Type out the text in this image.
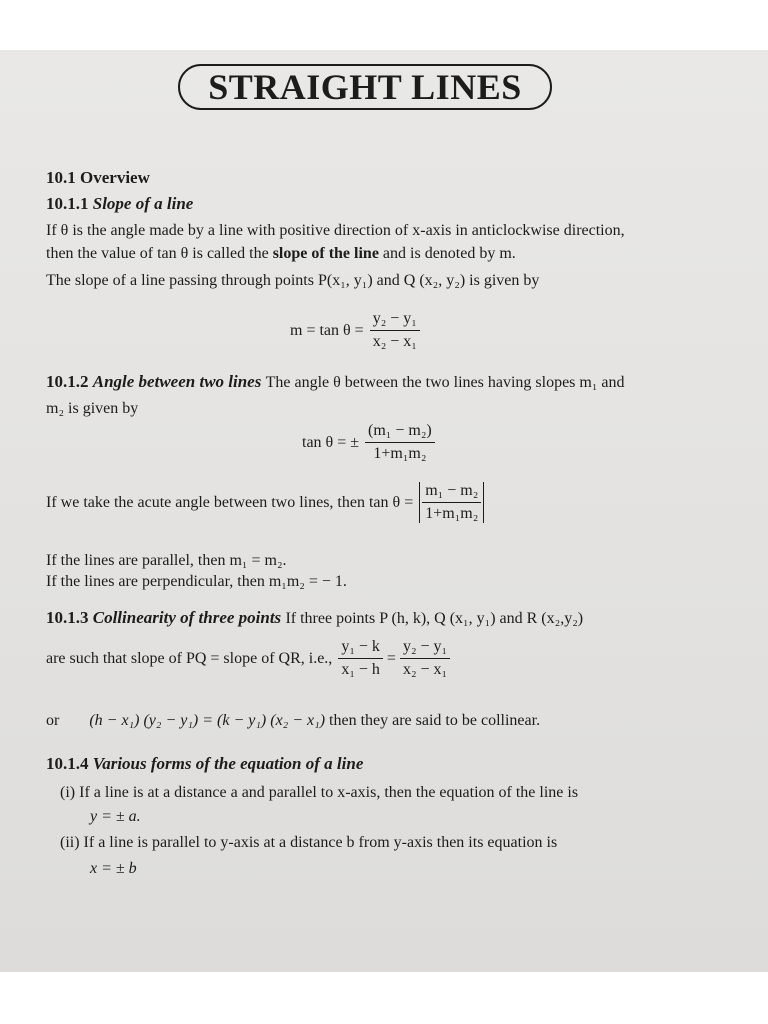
STRAIGHT LINES
10.1 Overview
10.1.1 Slope of a line
If θ is the angle made by a line with positive direction of x-axis in anticlockwise direction,
then the value of tan θ is called the slope of the line and is denoted by m.
The slope of a line passing through points P(x₁, y₁) and Q (x₂, y₂) is given by
$m = \tan \theta = \frac{\text{y₂ − y₁}}{\text{x₂ − x₁}}$
10.1.2 Angle between two lines The angle θ between the two lines having slopes m₁ and
m₂ is given by
tan θ = ± $\frac{\text{(m₁ − m₂)}}{\text{1+m₁m₂}}$
If we take the acute angle between two lines, then $\tan \theta = \frac{\text{m₁ − m₂}}{\text{1+m₁m₂}}$
If the lines are parallel, then m₁ = m₂.
If the lines are perpendicular, then m₁m₂ = − 1.
10.1.3 Collinearity of three points If three points P (h, k), Q (x₁, y₁) and R (x₂,y₂)
are such that slope of PQ = slope of QR, i.e., $\frac{\text{y₁ − k}}{\text{x₁ − h}} = \frac{\text{y₂ − y₁}}{\text{x₂ − x₁}}$
or (h − x₁) (y₂ − y₁) = (k − y₁) (x₂ − x₁) then they are said to be collinear.
10.1.4 Various forms of the equation of a line
(i) If a line is at a distance a and parallel to x-axis, then the equation of the line is
y = ± a.
(ii) If a line is parallel to y-axis at a distance b from y-axis then its equation is
x = ± b
